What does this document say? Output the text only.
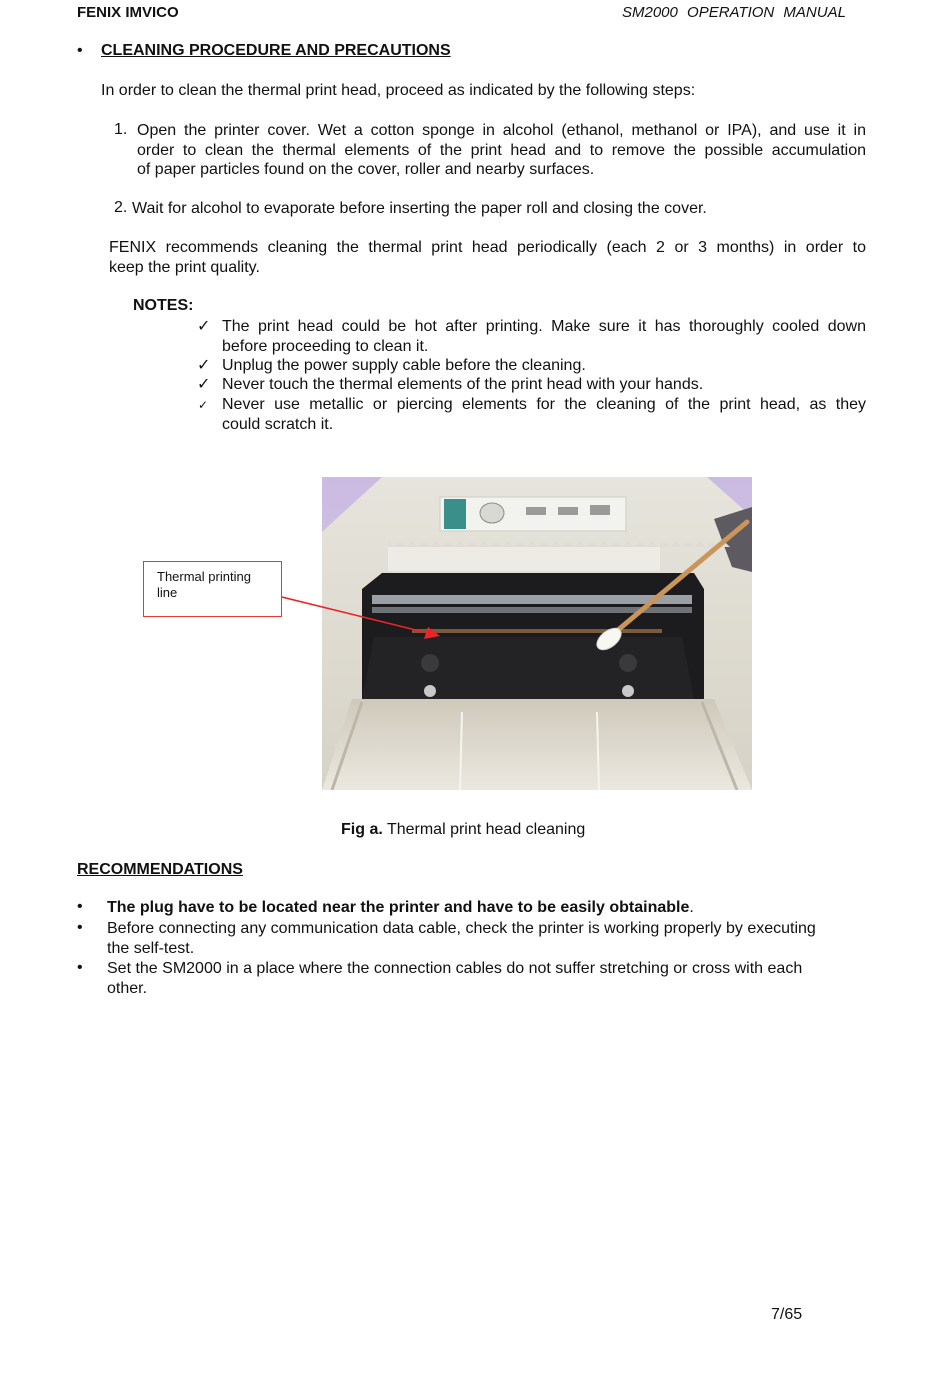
FENIX IMVICO	SM2000 OPERATION MANUAL
• CLEANING PROCEDURE AND PRECAUTIONS
In order to clean the thermal print head, proceed as indicated by the following steps:
1. Open the printer cover. Wet a cotton sponge in alcohol (ethanol, methanol or IPA), and use it in
order to clean the thermal elements of the print head and to remove the possible accumulation
of paper particles found on the cover, roller and nearby surfaces.
2. Wait for alcohol to evaporate before inserting the paper roll and closing the cover.
FENIX recommends cleaning the thermal print head periodically (each 2 or 3 months) in order to
keep the print quality.
NOTES:
✓ The print head could be hot after printing. Make sure it has thoroughly cooled down
before proceeding to clean it.
✓ Unplug the power supply cable before the cleaning.
✓ Never touch the thermal elements of the print head with your hands.
✓ Never use metallic or piercing elements for the cleaning of the print head, as they
could scratch it.
Thermal printing
line
Fig a. Thermal print head cleaning
RECOMMENDATIONS
• The plug have to be located near the printer and have to be easily obtainable.
• Before connecting any communication data cable, check the printer is working properly by executing
the self-test.
• Set the SM2000 in a place where the connection cables do not suffer stretching or cross with each
other.
7/65
